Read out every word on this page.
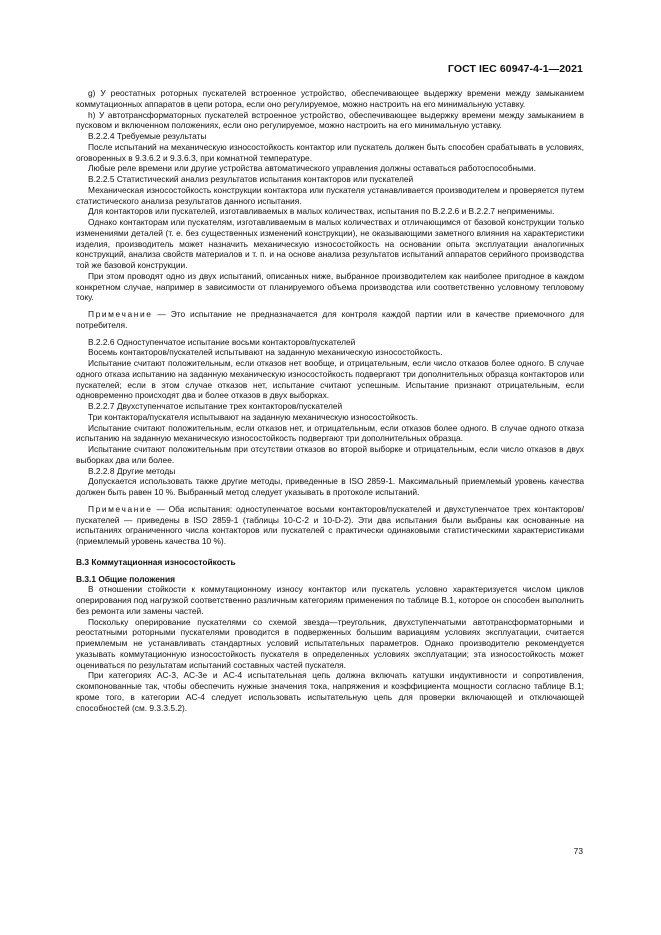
ГОСТ IEC 60947-4-1—2021

g) У реостатных роторных пускателей встроенное устройство, обеспечивающее выдержку времени между замыканием коммутационных аппаратов в цепи ротора, если оно регулируемое, можно настроить на его минимальную уставку.

h) У автотрансформаторных пускателей встроенное устройство, обеспечивающее выдержку времени между замыканием в пусковом и включенном положениях, если оно регулируемое, можно настроить на его минимальную уставку.

B.2.2.4 Требуемые результаты

После испытаний на механическую износостойкость контактор или пускатель должен быть способен срабатывать в условиях, оговоренных в 9.3.6.2 и 9.3.6.3, при комнатной температуре.

Любые реле времени или другие устройства автоматического управления должны оставаться работоспособными.

B.2.2.5 Статистический анализ результатов испытания контакторов или пускателей

Механическая износостойкость конструкции контактора или пускателя устанавливается производителем и проверяется путем статистического анализа результатов данного испытания.

Для контакторов или пускателей, изготавливаемых в малых количествах, испытания по B.2.2.6 и B.2.2.7 неприменимы.

Однако контакторам или пускателям, изготавливаемым в малых количествах и отличающимся от базовой конструкции только изменениями деталей (т. е. без существенных изменений конструкции), не оказывающими заметного влияния на характеристики изделия, производитель может назначить механическую износостойкость на основании опыта эксплуатации аналогичных конструкций, анализа свойств материалов и т. п. и на основе анализа результатов испытаний аппаратов серийного производства той же базовой конструкции.

При этом проводят одно из двух испытаний, описанных ниже, выбранное производителем как наиболее пригодное в каждом конкретном случае, например в зависимости от планируемого объема производства или соответственно условному тепловому току.

Примечание — Это испытание не предназначается для контроля каждой партии или в качестве приемочного для потребителя.

B.2.2.6 Одноступенчатое испытание восьми контакторов/пускателей

Восемь контакторов/пускателей испытывают на заданную механическую износостойкость.

Испытание считают положительным, если отказов нет вообще, и отрицательным, если число отказов более одного. В случае одного отказа испытанию на заданную механическую износостойкость подвергают три дополнительных образца контакторов или пускателей; если в этом случае отказов нет, испытание считают успешным. Испытание признают отрицательным, если одновременно происходят два и более отказов в двух выборках.

B.2.2.7 Двухступенчатое испытание трех контакторов/пускателей

Три контактора/пускателя испытывают на заданную механическую износостойкость.

Испытание считают положительным, если отказов нет, и отрицательным, если отказов более одного. В случае одного отказа испытанию на заданную механическую износостойкость подвергают три дополнительных образца.

Испытание считают положительным при отсутствии отказов во второй выборке и отрицательным, если число отказов в двух выборках два или более.

B.2.2.8 Другие методы

Допускается использовать также другие методы, приведенные в ISO 2859-1. Максимальный приемлемый уровень качества должен быть равен 10 %. Выбранный метод следует указывать в протоколе испытаний.

Примечание — Оба испытания: одноступенчатое восьми контакторов/пускателей и двухступенчатое трех контакторов/пускателей — приведены в ISO 2859-1 (таблицы 10-C-2 и 10-D-2). Эти два испытания были выбраны как основанные на испытаниях ограниченного числа контакторов или пускателей с практически одинаковыми статистическими характеристиками (приемлемый уровень качества 10 %).

B.3 Коммутационная износостойкость
B.3.1 Общие положения

В отношении стойкости к коммутационному износу контактор или пускатель условно характеризуется числом циклов оперирования под нагрузкой соответственно различным категориям применения по таблице B.1, которое он способен выполнить без ремонта или замены частей.

Поскольку оперирование пускателями со схемой звезда—треугольник, двухступенчатыми автотрансформаторными и реостатными роторными пускателями проводится в подверженных большим вариациям условиях эксплуатации, считается приемлемым не устанавливать стандартных условий испытательных параметров. Однако производителю рекомендуется указывать коммутационную износостойкость пускателя в определенных условиях эксплуатации; эта износостойкость может оцениваться по результатам испытаний составных частей пускателя.

При категориях AC-3, AC-3e и AC-4 испытательная цепь должна включать катушки индуктивности и сопротивления, скомпонованные так, чтобы обеспечить нужные значения тока, напряжения и коэффициента мощности согласно таблице B.1; кроме того, в категории AC-4 следует использовать испытательную цепь для проверки включающей и отключающей способностей (см. 9.3.3.5.2).

73
